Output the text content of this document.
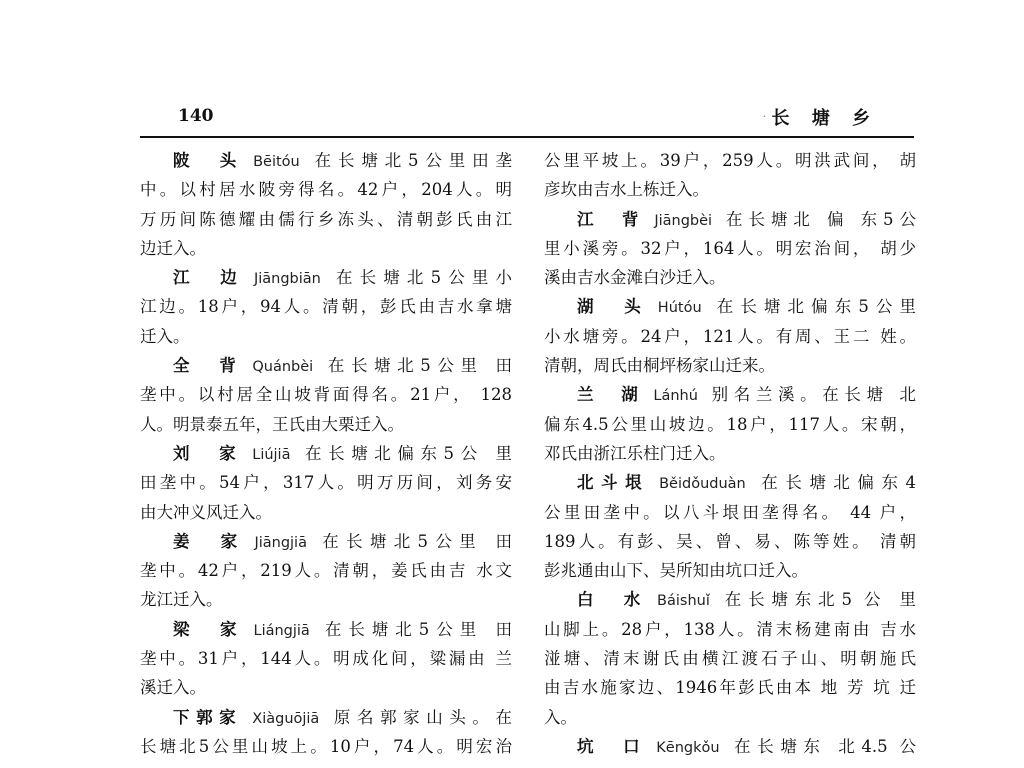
140	· 长 塘 乡
陂　头 Bēitóu 在长塘北5公里田垄
中。以村居水陂旁得名。42户，204人。明
万历间陈德耀由儒行乡冻头、清朝彭氏由江
边迁入。
江　边 Jiāngbiān 在长塘北5公里小
江边。18户，94人。清朝，彭氏由吉水拿塘
迁入。
全　背 Quánbèi 在长塘北5公里 田
垄中。以村居全山坡背面得名。21户， 128
人。明景泰五年，王氏由大栗迁入。
刘　家 Liújiā 在长塘北偏东5公 里
田垄中。54户，317人。明万历间，刘务安
由大冲义风迁入。
姜　家 Jiāngjiā 在长塘北5公里 田
垄中。42户，219人。清朝，姜氏由吉 水文
龙江迁入。
梁　家 Liángjiā 在长塘北5公里 田
垄中。31户，144人。明成化间，粱漏由 兰
溪迁入。
下郭家 Xiàguōjiā 原名郭家山头。在
长塘北5公里山坡上。10户，74人。明宏治
公里平坡上。39户，259人。明洪武间， 胡
彦坎由吉水上栋迁入。
江　背 Jiāngbèi 在长塘北 偏 东5公
里小溪旁。32户，164人。明宏治间， 胡少
溪由吉水金滩白沙迁入。
湖　头 Hútóu 在长塘北偏东5公里
小水塘旁。24户，121人。有周、王二 姓。
清朝，周氏由桐坪杨家山迁来。
兰　湖 Lánhú 别名兰溪。在长塘 北
偏东4.5公里山坡边。18户，117人。宋朝，
邓氏由浙江乐柱门迁入。
北斗垠 Běidǒuduàn 在长塘北偏东4
公里田垄中。以八斗垠田垄得名。 44 户，
189人。有彭、吴、曾、易、陈等姓。 清朝
彭兆通由山下、吴所知由坑口迁入。
白　水 Báishuǐ 在长塘东北5 公 里
山脚上。28户，138人。清末杨建南由 吉水
湴塘、清末谢氏由横江渡石子山、明朝施氏
由吉水施家边、1946年彭氏由本 地 芳 坑 迁
入。
坑　口 Kēngkǒu 在长塘东 北4.5 公
